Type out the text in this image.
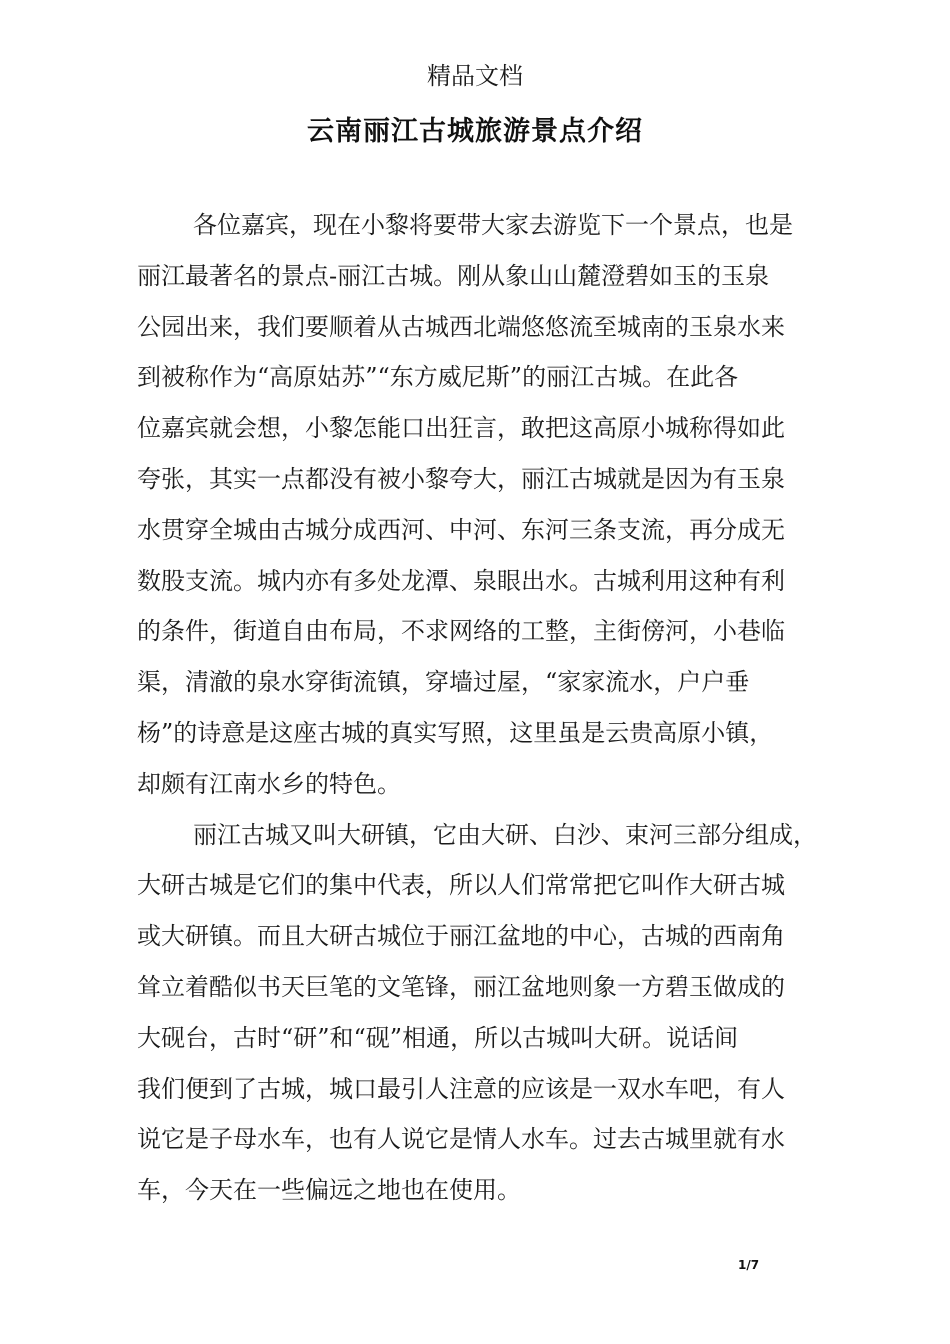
精品文档
云南丽江古城旅游景点介绍
各位嘉宾，现在小黎将要带大家去游览下一个景点，也是
丽江最著名的景点-丽江古城。刚从象山山麓澄碧如玉的玉泉
公园出来，我们要顺着从古城西北端悠悠流至城南的玉泉水来
到被称作为“高原姑苏”“东方威尼斯”的丽江古城。在此各
位嘉宾就会想，小黎怎能口出狂言，敢把这高原小城称得如此
夸张，其实一点都没有被小黎夸大，丽江古城就是因为有玉泉
水贯穿全城由古城分成西河、中河、东河三条支流，再分成无
数股支流。城内亦有多处龙潭、泉眼出水。古城利用这种有利
的条件，街道自由布局，不求网络的工整，主街傍河，小巷临
渠，清澈的泉水穿街流镇，穿墙过屋，“家家流水，户户垂
杨”的诗意是这座古城的真实写照，这里虽是云贵高原小镇，
却颇有江南水乡的特色。
丽江古城又叫大研镇，它由大研、白沙、束河三部分组成，
大研古城是它们的集中代表，所以人们常常把它叫作大研古城
或大研镇。而且大研古城位于丽江盆地的中心，古城的西南角
耸立着酷似书天巨笔的文笔锋，丽江盆地则象一方碧玉做成的
大砚台，古时“研”和“砚”相通，所以古城叫大研。说话间
我们便到了古城，城口最引人注意的应该是一双水车吧，有人
说它是子母水车，也有人说它是情人水车。过去古城里就有水
车，今天在一些偏远之地也在使用。
1/7
